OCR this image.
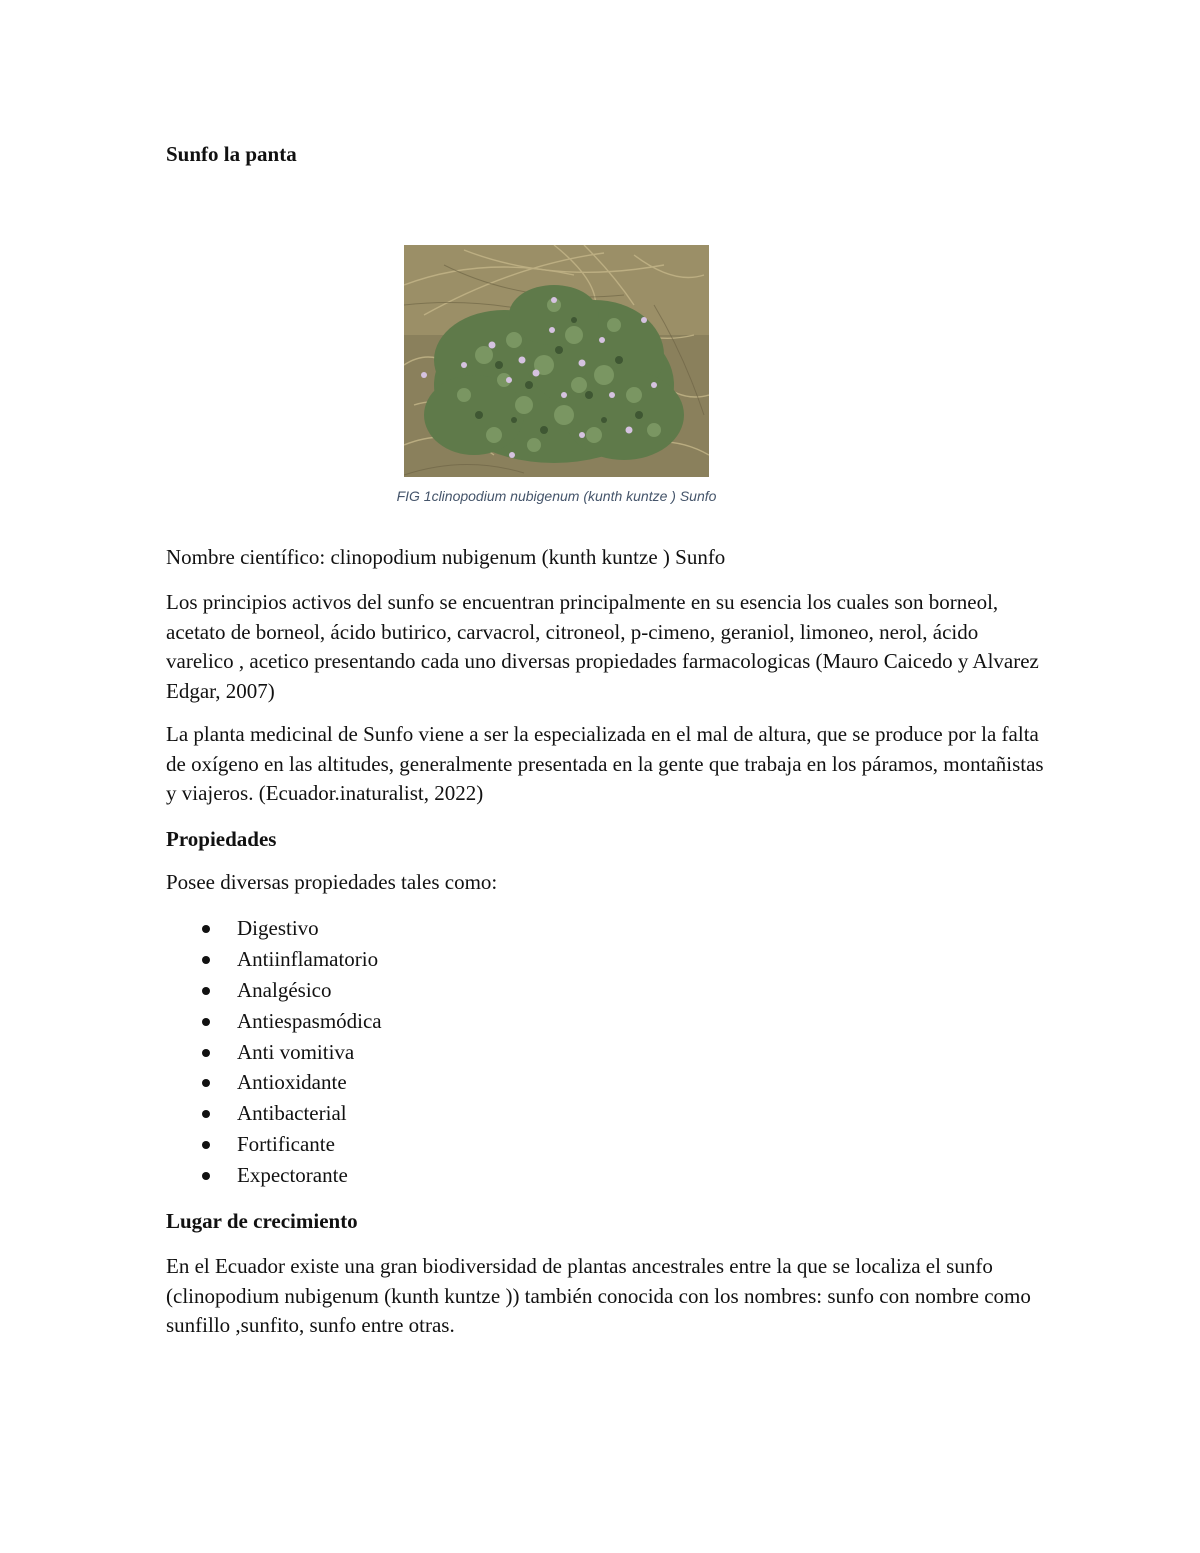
Sunfo la panta
FIG 1clinopodium nubigenum (kunth kuntze ) Sunfo

Nombre científico: clinopodium nubigenum (kunth kuntze ) Sunfo

Los principios activos del sunfo se encuentran principalmente en su esencia los cuales son borneol, acetato de borneol, ácido butirico, carvacrol, citroneol, p-cimeno, geraniol, limoneo, nerol, ácido varelico , acetico presentando cada uno diversas propiedades farmacologicas (Mauro Caicedo y Alvarez Edgar, 2007)

La planta medicinal de Sunfo viene a ser la especializada en el mal de altura, que se produce por la falta de oxígeno en las altitudes, generalmente presentada en la gente que trabaja en los páramos, montañistas y viajeros. (Ecuador.inaturalist, 2022)

Propiedades

Posee diversas propiedades tales como:

Digestivo
Antiinflamatorio
Analgésico
Antiespasmódica
Anti vomitiva
Antioxidante
Antibacterial
Fortificante
Expectorante
Lugar de crecimiento

En el Ecuador existe una gran biodiversidad de plantas ancestrales entre la que se localiza el sunfo (clinopodium nubigenum (kunth kuntze )) también conocida con los nombres: sunfo con nombre como sunfillo ,sunfito, sunfo entre otras.
